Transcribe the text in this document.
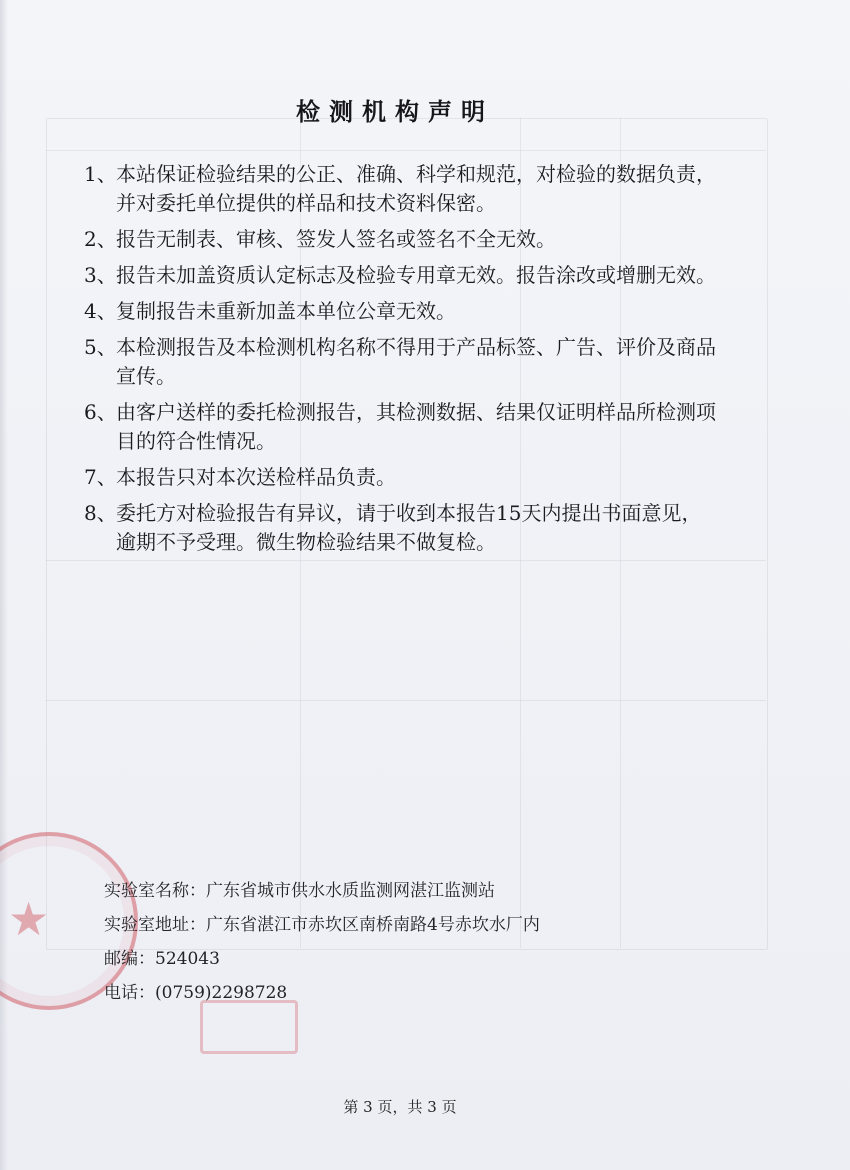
★
检测机构声明
1、本站保证检验结果的公正、准确、科学和规范，对检验的数据负责，并对委托单位提供的样品和技术资料保密。
2、报告无制表、审核、签发人签名或签名不全无效。
3、报告未加盖资质认定标志及检验专用章无效。报告涂改或增删无效。
4、复制报告未重新加盖本单位公章无效。
5、本检测报告及本检测机构名称不得用于产品标签、广告、评价及商品宣传。
6、由客户送样的委托检测报告，其检测数据、结果仅证明样品所检测项目的符合性情况。
7、本报告只对本次送检样品负责。
8、委托方对检验报告有异议，请于收到本报告15天内提出书面意见，逾期不予受理。微生物检验结果不做复检。
实验室名称：广东省城市供水水质监测网湛江监测站
实验室地址：广东省湛江市赤坎区南桥南路4号赤坎水厂内
邮编：524043
电话：(0759)2298728
第 3 页，共 3 页
